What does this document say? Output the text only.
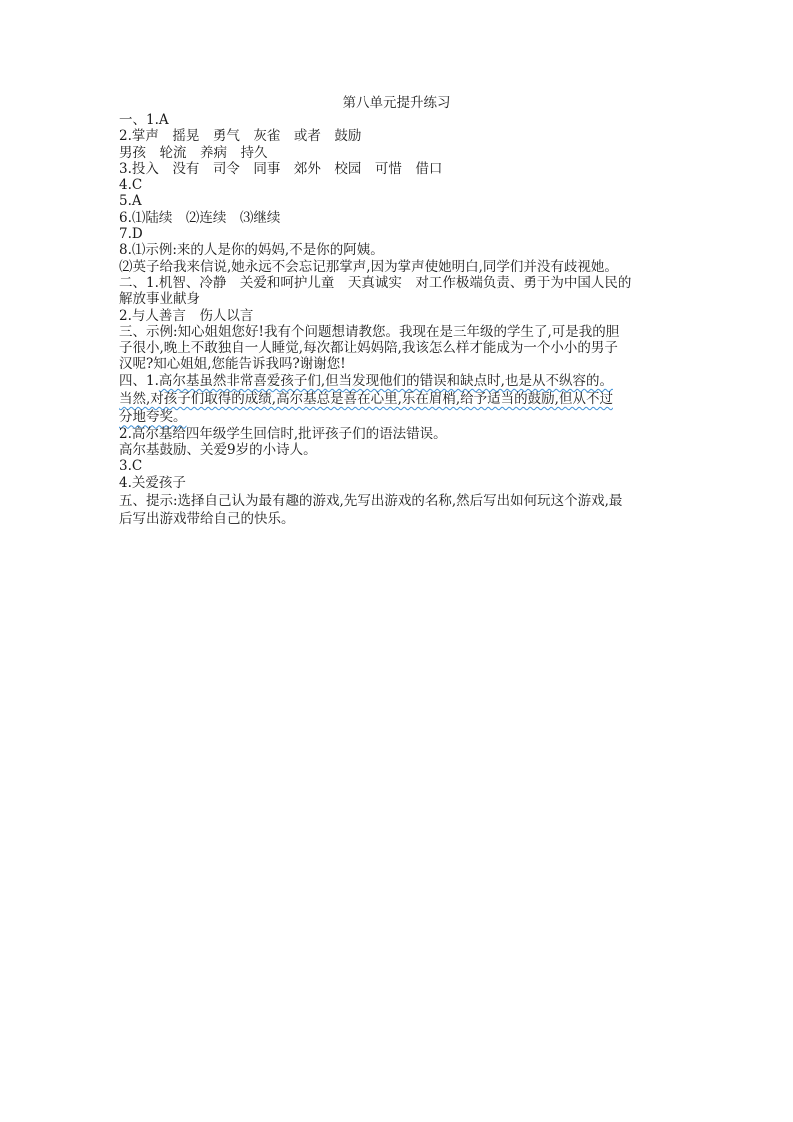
第八单元提升练习
一、1.A
2.掌声　摇晃　勇气　灰雀　或者　鼓励
男孩　轮流　养病　持久
3.投入　没有　司令　同事　郊外　校园　可惜　借口
4.C
5.A
6.⑴陆续　⑵连续　⑶继续
7.D
8.⑴示例:来的人是你的妈妈,不是你的阿姨。
⑵英子给我来信说,她永远不会忘记那掌声,因为掌声使她明白,同学们并没有歧视她。
二、1.机智、冷静　关爱和呵护儿童　天真诚实　对工作极端负责、勇于为中国人民的
解放事业献身
2.与人善言　伤人以言
三、示例:知心姐姐您好!我有个问题想请教您。我现在是三年级的学生了,可是我的胆
子很小,晚上不敢独自一人睡觉,每次都让妈妈陪,我该怎么样才能成为一个小小的男子
汉呢?知心姐姐,您能告诉我吗?谢谢您!
四、1.高尔基虽然非常喜爱孩子们,但当发现他们的错误和缺点时,也是从不纵容的。
当然,对孩子们取得的成绩,高尔基总是喜在心里,乐在眉梢,给予适当的鼓励,但从不过
分地夸奖。
2.高尔基给四年级学生回信时,批评孩子们的语法错误。
高尔基鼓励、关爱9岁的小诗人。
3.C
4.关爱孩子
五、提示:选择自己认为最有趣的游戏,先写出游戏的名称,然后写出如何玩这个游戏,最
后写出游戏带给自己的快乐。
